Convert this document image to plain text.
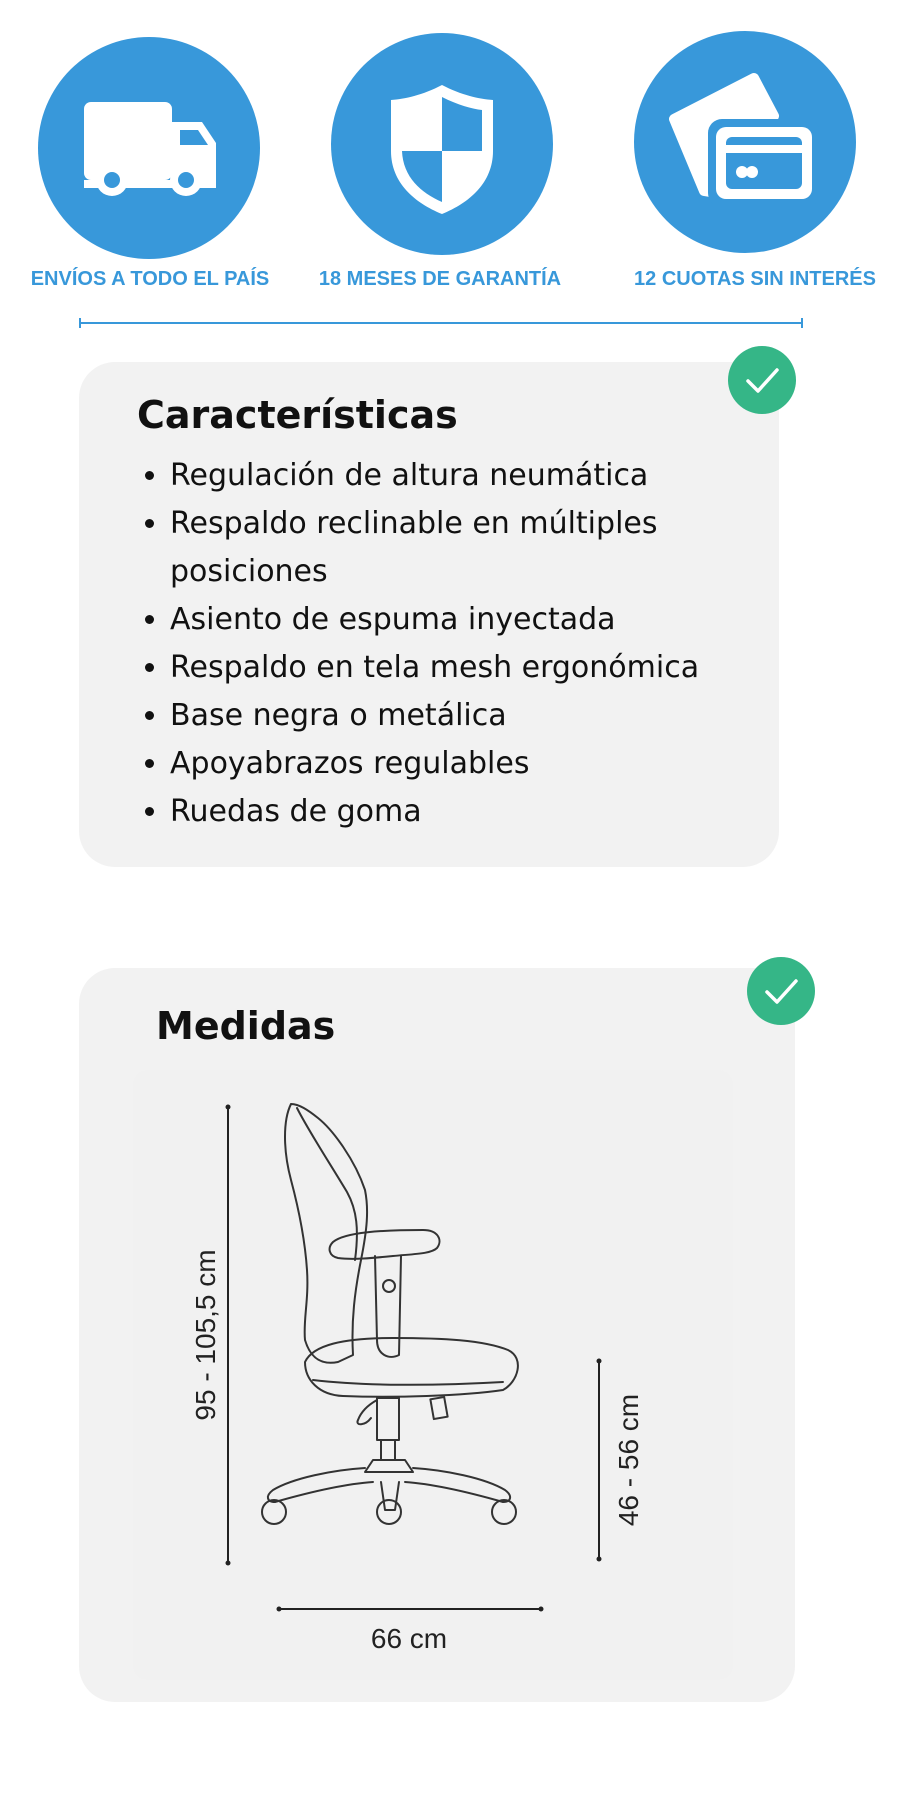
ENVÍOS A TODO EL PAÍS	18 MESES DE GARANTÍA	12 CUOTAS SIN INTERÉS
Características
• Regulación de altura neumática
• Respaldo reclinable en múltiples posiciones
• Asiento de espuma inyectada
• Respaldo en tela mesh ergonómica
• Base negra o metálica
• Apoyabrazos regulables
• Ruedas de goma
Medidas
95 - 105,5 cm
46 - 56 cm
66 cm
